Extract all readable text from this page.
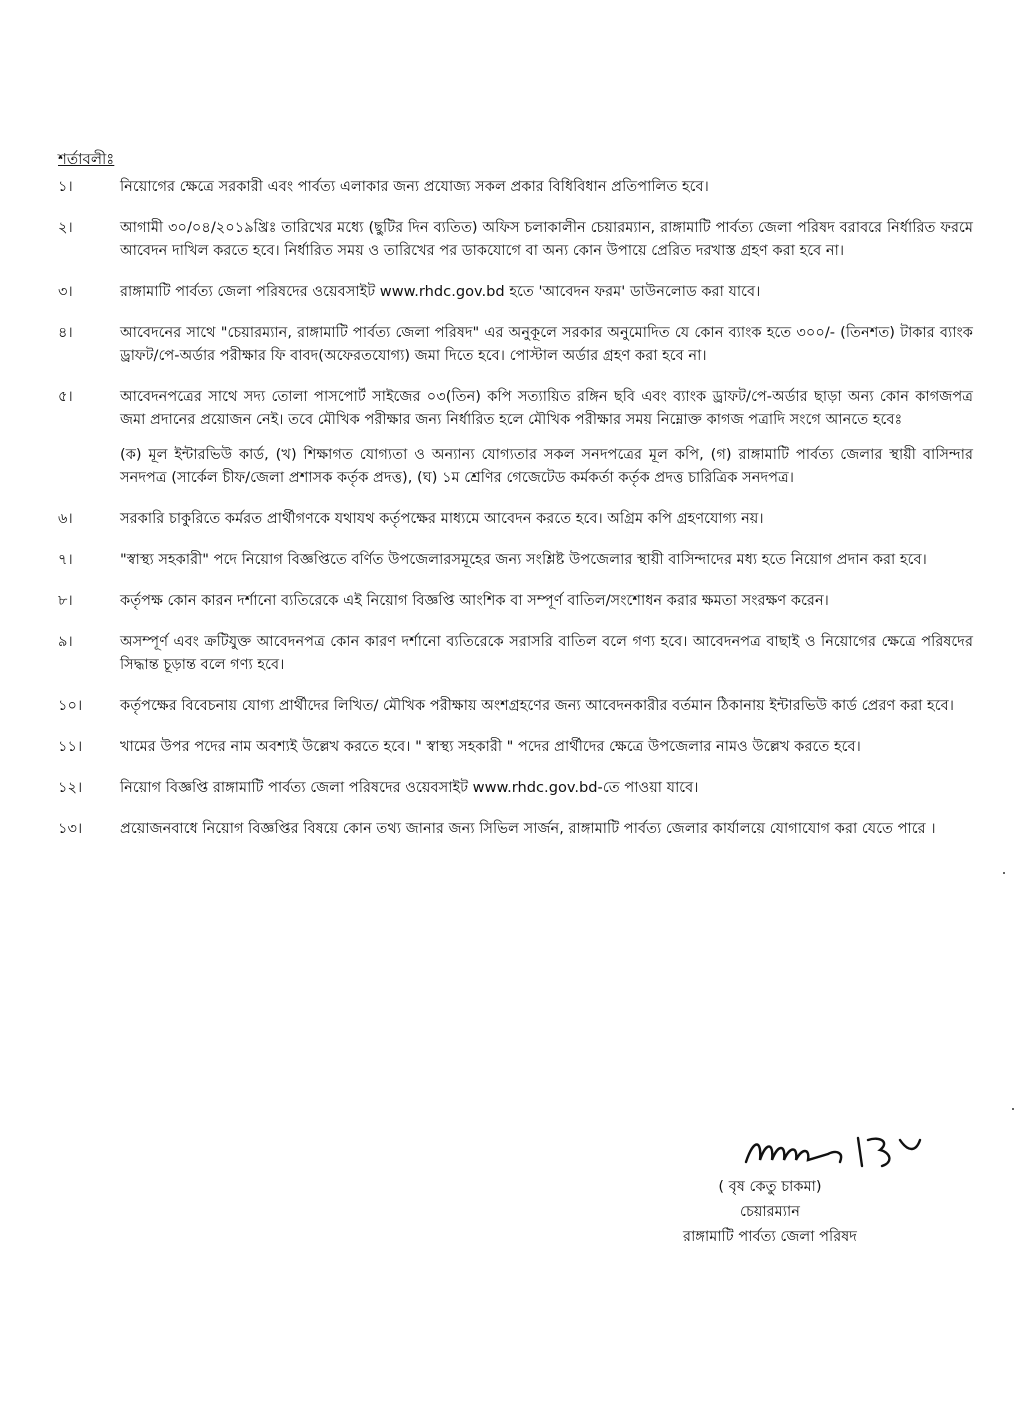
শর্তাবলীঃ
১।	নিয়োগের ক্ষেত্রে সরকারী এবং পার্বত্য এলাকার জন্য প্রযোজ্য সকল প্রকার বিধিবিধান প্রতিপালিত হবে।
২।	আগামী ৩০/০৪/২০১৯খ্রিঃ তারিখের মধ্যে (ছুটির দিন ব্যতিত) অফিস চলাকালীন চেয়ারম্যান, রাঙ্গামাটি পার্বত্য জেলা পরিষদ বরাবরে নির্ধারিত ফরমে আবেদন দাখিল করতে হবে। নির্ধারিত সময় ও তারিখের পর ডাকযোগে বা অন্য কোন উপায়ে প্রেরিত দরখাস্ত গ্রহণ করা হবে না।
৩।	রাঙ্গামাটি পার্বত্য জেলা পরিষদের ওয়েবসাইট www.rhdc.gov.bd হতে 'আবেদন ফরম' ডাউনলোড করা যাবে।
৪।	আবেদনের সাথে "চেয়ারম্যান, রাঙ্গামাটি পার্বত্য জেলা পরিষদ" এর অনুকূলে সরকার অনুমোদিত যে কোন ব্যাংক হতে ৩০০/- (তিনশত) টাকার ব্যাংক ড্রাফট/পে-অর্ডার পরীক্ষার ফি বাবদ(অফেরতযোগ্য) জমা দিতে হবে। পোস্টাল অর্ডার গ্রহণ করা হবে না।
৫।	আবেদনপত্রের সাথে সদ্য তোলা পাসপোর্ট সাইজের ০৩(তিন) কপি সত্যায়িত রঙ্গিন ছবি এবং ব্যাংক ড্রাফট/পে-অর্ডার ছাড়া অন্য কোন কাগজপত্র জমা প্রদানের প্রয়োজন নেই। তবে মৌখিক পরীক্ষার জন্য নির্ধারিত হলে মৌখিক পরীক্ষার সময় নিম্নোক্ত কাগজ পত্রাদি সংগে আনতে হবেঃ
(ক) মূল ইন্টারভিউ কার্ড, (খ) শিক্ষাগত যোগ্যতা ও অন্যান্য যোগ্যতার সকল সনদপত্রের মূল কপি, (গ) রাঙ্গামাটি পার্বত্য জেলার স্থায়ী বাসিন্দার সনদপত্র (সার্কেল চীফ/জেলা প্রশাসক কর্তৃক প্রদত্ত), (ঘ) ১ম শ্রেণির গেজেটেড কর্মকর্তা কর্তৃক প্রদত্ত চারিত্রিক সনদপত্র।
৬।	সরকারি চাকুরিতে কর্মরত প্রার্থীগণকে যথাযথ কর্তৃপক্ষের মাধ্যমে আবেদন করতে হবে। অগ্রিম কপি গ্রহণযোগ্য নয়।
৭।	"স্বাস্থ্য সহকারী" পদে নিয়োগ বিজ্ঞপ্তিতে বর্ণিত উপজেলারসমূহের জন্য সংশ্লিষ্ট উপজেলার স্থায়ী বাসিন্দাদের মধ্য হতে নিয়োগ প্রদান করা হবে।
৮।	কর্তৃপক্ষ কোন কারন দর্শানো ব্যতিরেকে এই নিয়োগ বিজ্ঞপ্তি আংশিক বা সম্পূর্ণ বাতিল/সংশোধন করার ক্ষমতা সংরক্ষণ করেন।
৯।	অসম্পূর্ণ এবং ক্রটিযুক্ত আবেদনপত্র কোন কারণ দর্শানো ব্যতিরেকে সরাসরি বাতিল বলে গণ্য হবে। আবেদনপত্র বাছাই ও নিয়োগের ক্ষেত্রে পরিষদের সিদ্ধান্ত চূড়ান্ত বলে গণ্য হবে।
১০।	কর্তৃপক্ষের বিবেচনায় যোগ্য প্রার্থীদের লিখিত/ মৌখিক পরীক্ষায় অংশগ্রহণের জন্য আবেদনকারীর বর্তমান ঠিকানায় ইন্টারভিউ কার্ড প্রেরণ করা হবে।
১১।	খামের উপর পদের নাম অবশ্যই উল্লেখ করতে হবে। " স্বাস্থ্য সহকারী " পদের প্রার্থীদের ক্ষেত্রে উপজেলার নামও উল্লেখ করতে হবে।
১২।	নিয়োগ বিজ্ঞপ্তি রাঙ্গামাটি পার্বত্য জেলা পরিষদের ওয়েবসাইট www.rhdc.gov.bd-তে পাওয়া যাবে।
১৩।	প্রয়োজনবাধে নিয়োগ বিজ্ঞপ্তির বিষয়ে কোন তথ্য জানার জন্য সিভিল সার্জন, রাঙ্গামাটি পার্বত্য জেলার কার্যালয়ে যোগাযোগ করা যেতে পারে ।
( বৃষ কেতু চাকমা)
চেয়ারম্যান
রাঙ্গামাটি পার্বত্য জেলা পরিষদ
